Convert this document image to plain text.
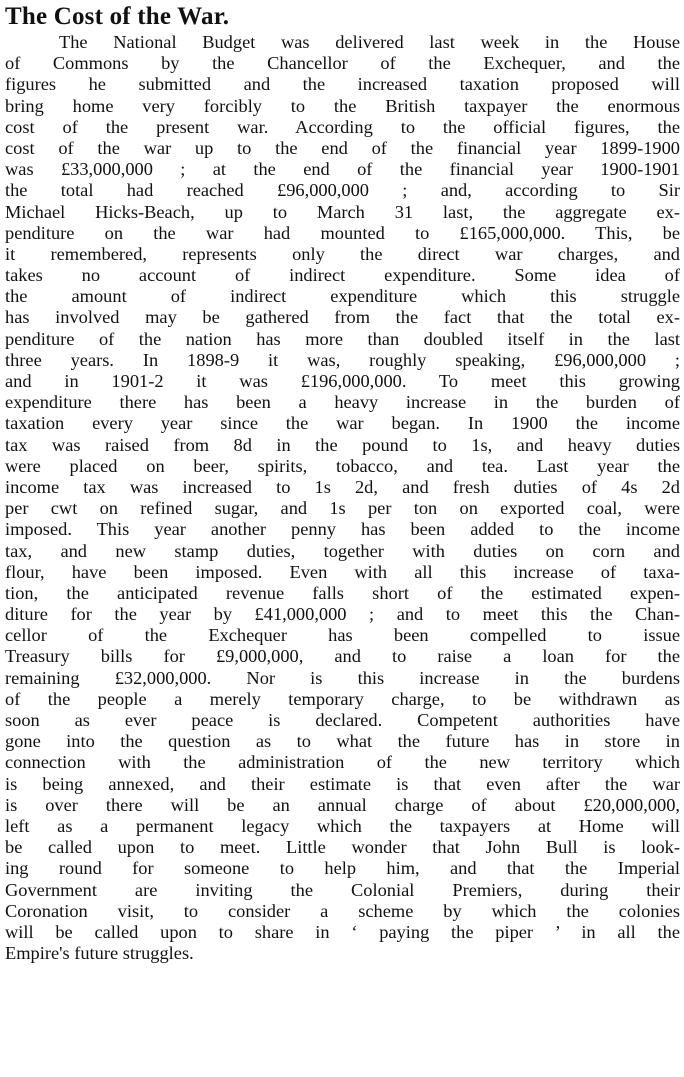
The Cost of the War.
The National Budget was delivered last week in the House
of Commons by the Chancellor of the Exchequer, and the
figures he submitted and the increased taxation proposed will
bring home very forcibly to the British taxpayer the enormous
cost of the present war. According to the official figures, the
cost of the war up to the end of the financial year 1899-1900
was £33,000,000 ; at the end of the financial year 1900-1901
the total had reached £96,000,000 ; and, according to Sir
Michael Hicks-Beach, up to March 31 last, the aggregate ex-
penditure on the war had mounted to £165,000,000. This, be
it remembered, represents only the direct war charges, and
takes no account of indirect expenditure. Some idea of
the amount of indirect expenditure which this struggle
has involved may be gathered from the fact that the total ex-
penditure of the nation has more than doubled itself in the last
three years. In 1898-9 it was, roughly speaking, £96,000,000 ;
and in 1901-2 it was £196,000,000. To meet this growing
expenditure there has been a heavy increase in the burden of
taxation every year since the war began. In 1900 the income
tax was raised from 8d in the pound to 1s, and heavy duties
were placed on beer, spirits, tobacco, and tea. Last year the
income tax was increased to 1s 2d, and fresh duties of 4s 2d
per cwt on refined sugar, and 1s per ton on exported coal, were
imposed. This year another penny has been added to the income
tax, and new stamp duties, together with duties on corn and
flour, have been imposed. Even with all this increase of taxa-
tion, the anticipated revenue falls short of the estimated expen-
diture for the year by £41,000,000 ; and to meet this the Chan-
cellor of the Exchequer has been compelled to issue
Treasury bills for £9,000,000, and to raise a loan for the
remaining £32,000,000. Nor is this increase in the burdens
of the people a merely temporary charge, to be withdrawn as
soon as ever peace is declared. Competent authorities have
gone into the question as to what the future has in store in
connection with the administration of the new territory which
is being annexed, and their estimate is that even after the war
is over there will be an annual charge of about £20,000,000,
left as a permanent legacy which the taxpayers at Home will
be called upon to meet. Little wonder that John Bull is look-
ing round for someone to help him, and that the Imperial
Government are inviting the Colonial Premiers, during their
Coronation visit, to consider a scheme by which the colonies
will be called upon to share in ‘ paying the piper ’ in all the
Empire's future struggles.
